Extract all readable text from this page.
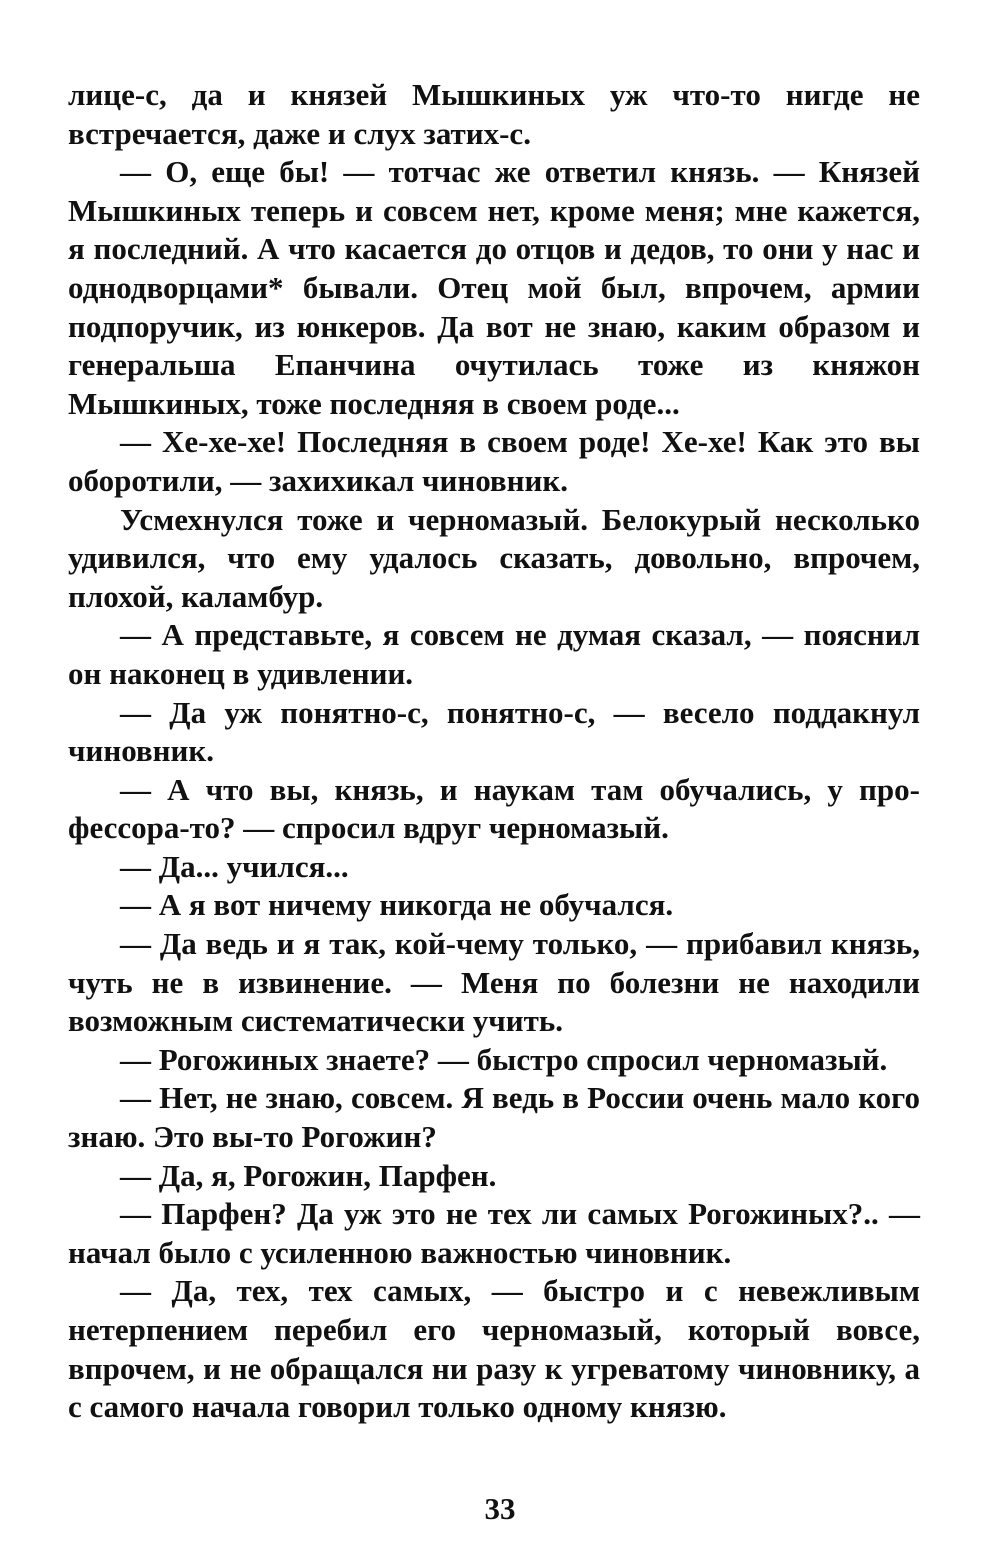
лице-с, да и князей Мышкиных уж что-то нигде не встречается, даже и слух затих-с.

— О, еще бы! — тотчас же ответил князь. — Князей Мышкиных теперь и совсем нет, кроме меня; мне кажется, я последний. А что касается до отцов и дедов, то они у нас и однодворцами* бывали. Отец мой был, впрочем, армии подпоручик, из юнкеров. Да вот не знаю, каким образом и генеральша Епанчина очутилась тоже из княжон Мышкиных, тоже последняя в своем роде...

— Хе-хе-хе! Последняя в своем роде! Хе-хе! Как это вы оборотили, — захихикал чиновник.

Усмехнулся тоже и черномазый. Белокурый несколько удивился, что ему удалось сказать, довольно, впрочем, плохой, каламбур.

— А представьте, я совсем не думая сказал, — пояснил он наконец в удивлении.

— Да уж понятно-с, понятно-с, — весело поддакнул чиновник.

— А что вы, князь, и наукам там обучались, у профессора-то? — спросил вдруг черномазый.

— Да... учился...

— А я вот ничему никогда не обучался.

— Да ведь и я так, кой-чему только, — прибавил князь, чуть не в извинение. — Меня по болезни не находили возможным систематически учить.

— Рогожиных знаете? — быстро спросил черномазый.

— Нет, не знаю, совсем. Я ведь в России очень мало кого знаю. Это вы-то Рогожин?

— Да, я, Рогожин, Парфен.

— Парфен? Да уж это не тех ли самых Рогожиных?.. — начал было с усиленною важностью чиновник.

— Да, тех, тех самых, — быстро и с невежливым нетерпением перебил его черномазый, который вовсе, впрочем, и не обращался ни разу к угреватому чиновнику, а с самого начала говорил только одному князю.

33
